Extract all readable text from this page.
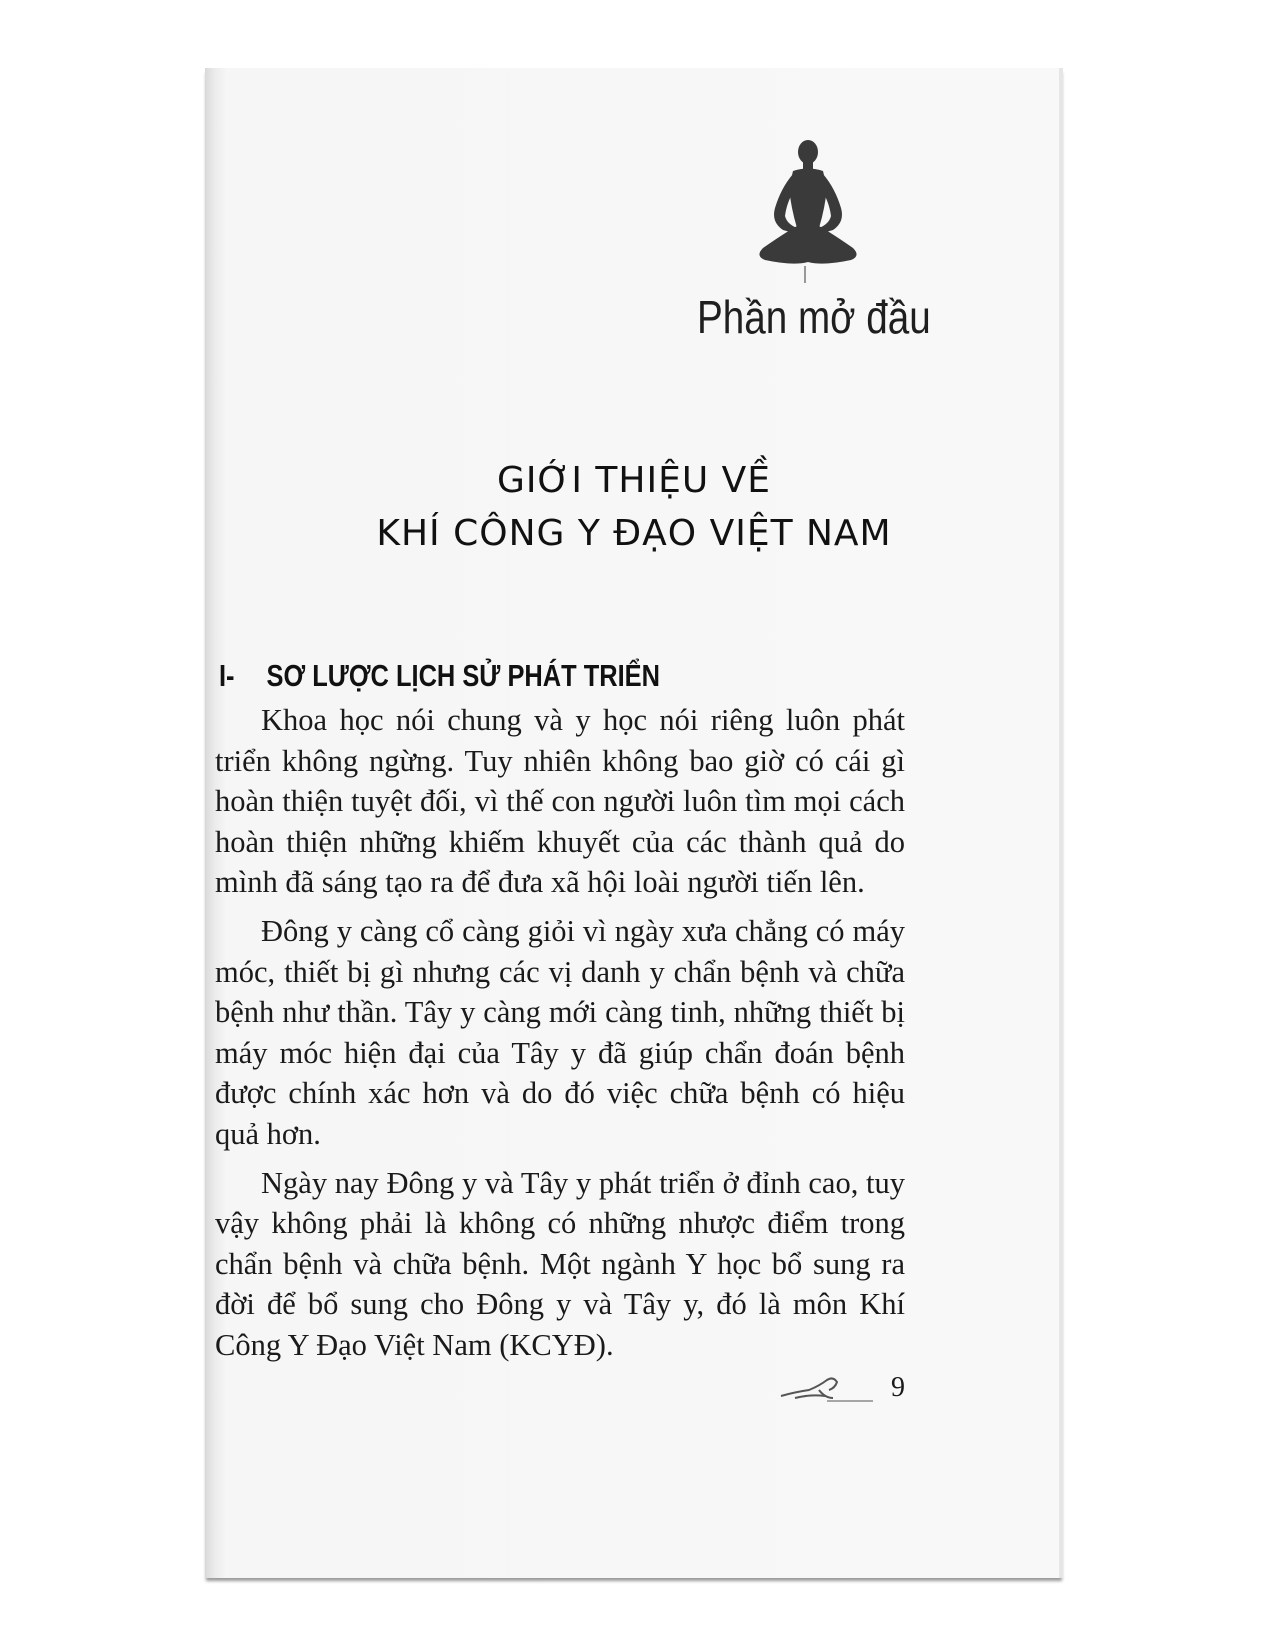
Phần mở đầu
GIỚI THIỆU VỀ
KHÍ CÔNG Y ĐẠO VIỆT NAM
I- SƠ LƯỢC LỊCH SỬ PHÁT TRIỂN

Khoa học nói chung và y học nói riêng luôn phát triển không ngừng. Tuy nhiên không bao giờ có cái gì hoàn thiện tuyệt đối, vì thế con người luôn tìm mọi cách hoàn thiện những khiếm khuyết của các thành quả do mình đã sáng tạo ra để đưa xã hội loài người tiến lên.

Đông y càng cổ càng giỏi vì ngày xưa chẳng có máy móc, thiết bị gì nhưng các vị danh y chẩn bệnh và chữa bệnh như thần. Tây y càng mới càng tinh, những thiết bị máy móc hiện đại của Tây y đã giúp chẩn đoán bệnh được chính xác hơn và do đó việc chữa bệnh có hiệu quả hơn.

Ngày nay Đông y và Tây y phát triển ở đỉnh cao, tuy vậy không phải là không có những nhược điểm trong chẩn bệnh và chữa bệnh. Một ngành Y học bổ sung ra đời để bổ sung cho Đông y và Tây y, đó là môn Khí Công Y Đạo Việt Nam (KCYĐ).

9
